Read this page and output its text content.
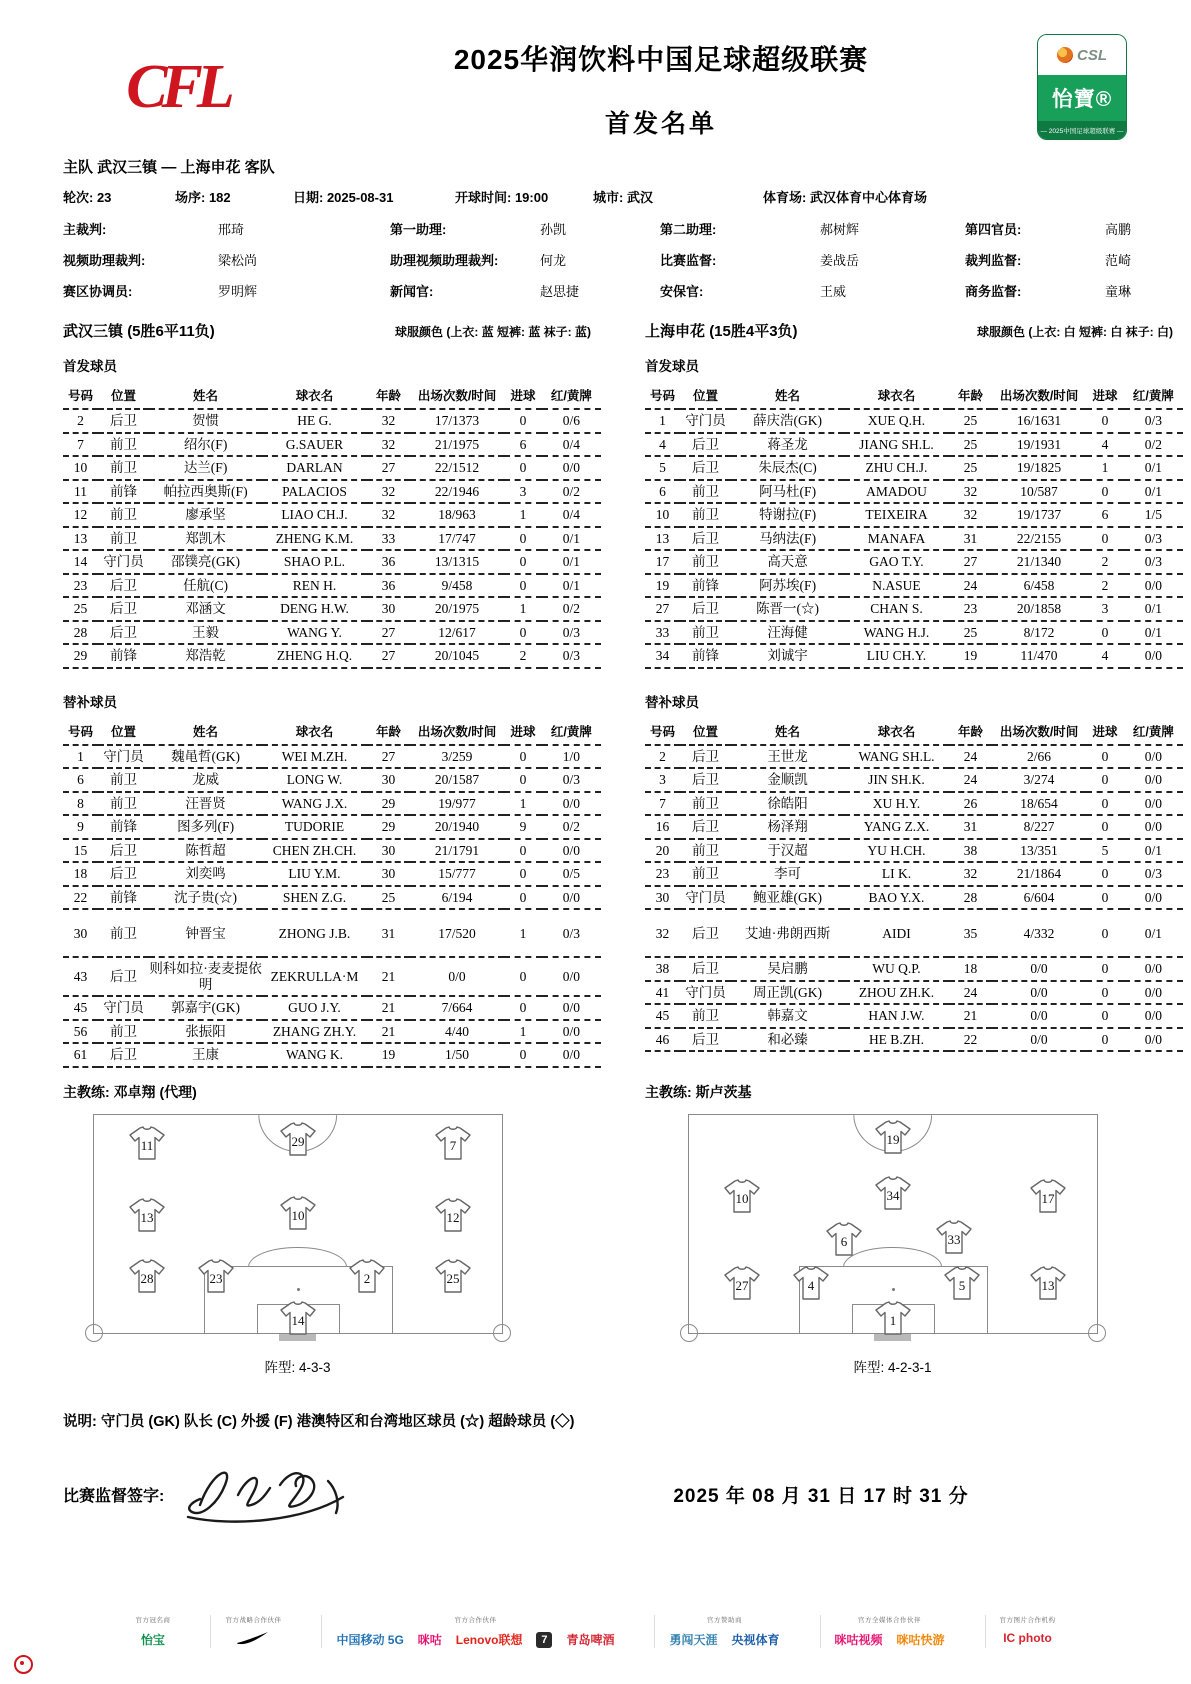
CFL	2025华润饮料中国足球超级联赛
首发名单
CSL
怡寶®
— 2025中国足球超级联赛 —
主队 武汉三镇 — 上海申花 客队
轮次: 23	场序: 182	日期: 2025-08-31	开球时间: 19:00	城市: 武汉	体育场: 武汉体育中心体育场
主裁判:	邢琦	第一助理:	孙凯	第二助理:	郝树辉	第四官员:	高鹏
视频助理裁判:	梁松尚	助理视频助理裁判:	何龙	比赛监督:	姜战岳	裁判监督:	范崎
赛区协调员:	罗明辉	新闻官:	赵思捷	安保官:	王威	商务监督:	童琳
武汉三镇 (5胜6平11负)	球服颜色 (上衣: 蓝 短裤: 蓝 袜子: 蓝)	上海申花 (15胜4平3负)	球服颜色 (上衣: 白 短裤: 白 袜子: 白)
首发球员
号码	位置	姓名	球衣名	年龄	出场次数/时间	进球	红/黄牌
2	后卫	贺惯	HE G.	32	17/1373	0	0/6
7	前卫	绍尔(F)	G.SAUER	32	21/1975	6	0/4
10	前卫	达兰(F)	DARLAN	27	22/1512	0	0/0
11	前锋	帕拉西奥斯(F)	PALACIOS	32	22/1946	3	0/2
12	前卫	廖承坚	LIAO CH.J.	32	18/963	1	0/4
13	前卫	郑凯木	ZHENG K.M.	33	17/747	0	0/1
14	守门员	邵镤亮(GK)	SHAO P.L.	36	13/1315	0	0/1
23	后卫	任航(C)	REN H.	36	9/458	0	0/1
25	后卫	邓涵文	DENG H.W.	30	20/1975	1	0/2
28	后卫	王毅	WANG Y.	27	12/617	0	0/3
29	前锋	郑浩乾	ZHENG H.Q.	27	20/1045	2	0/3
替补球员
号码	位置	姓名	球衣名	年龄	出场次数/时间	进球	红/黄牌
1	守门员	魏黾哲(GK)	WEI M.ZH.	27	3/259	0	1/0
6	前卫	龙威	LONG W.	30	20/1587	0	0/3
8	前卫	汪晋贤	WANG J.X.	29	19/977	1	0/0
9	前锋	图多列(F)	TUDORIE	29	20/1940	9	0/2
15	后卫	陈哲超	CHEN ZH.CH.	30	21/1791	0	0/0
18	后卫	刘奕鸣	LIU Y.M.	30	15/777	0	0/5
22	前锋	沈子贵(☆)	SHEN Z.G.	25	6/194	0	0/0
30	前卫	钟晋宝	ZHONG J.B.	31	17/520	1	0/3
43	后卫	则科如拉·麦麦提依明	ZEKRULLA·M	21	0/0	0	0/0
45	守门员	郭嘉宇(GK)	GUO J.Y.	21	7/664	0	0/0
56	前卫	张振阳	ZHANG ZH.Y.	21	4/40	1	0/0
61	后卫	王康	WANG K.	19	1/50	0	0/0
首发球员
号码	位置	姓名	球衣名	年龄	出场次数/时间	进球	红/黄牌
1	守门员	薛庆浩(GK)	XUE Q.H.	25	16/1631	0	0/3
4	后卫	蒋圣龙	JIANG SH.L.	25	19/1931	4	0/2
5	后卫	朱辰杰(C)	ZHU CH.J.	25	19/1825	1	0/1
6	前卫	阿马杜(F)	AMADOU	32	10/587	0	0/1
10	前卫	特谢拉(F)	TEIXEIRA	32	19/1737	6	1/5
13	后卫	马纳法(F)	MANAFA	31	22/2155	0	0/3
17	前卫	高天意	GAO T.Y.	27	21/1340	2	0/3
19	前锋	阿苏埃(F)	N.ASUE	24	6/458	2	0/0
27	后卫	陈晋一(☆)	CHAN S.	23	20/1858	3	0/1
33	前卫	汪海健	WANG H.J.	25	8/172	0	0/1
34	前锋	刘诚宇	LIU CH.Y.	19	11/470	4	0/0
替补球员
号码	位置	姓名	球衣名	年龄	出场次数/时间	进球	红/黄牌
2	后卫	王世龙	WANG SH.L.	24	2/66	0	0/0
3	后卫	金顺凯	JIN SH.K.	24	3/274	0	0/0
7	前卫	徐皓阳	XU H.Y.	26	18/654	0	0/0
16	后卫	杨泽翔	YANG Z.X.	31	8/227	0	0/0
20	前卫	于汉超	YU H.CH.	38	13/351	5	0/1
23	前卫	李可	LI K.	32	21/1864	0	0/3
30	守门员	鲍亚雄(GK)	BAO Y.X.	28	6/604	0	0/0
32	后卫	艾迪·弗朗西斯	AIDI	35	4/332	0	0/1
38	后卫	吴启鹏	WU Q.P.	18	0/0	0	0/0
41	守门员	周正凯(GK)	ZHOU ZH.K.	24	0/0	0	0/0
45	前卫	韩嘉文	HAN J.W.	21	0/0	0	0/0
46	后卫	和必臻	HE B.ZH.	22	0/0	0	0/0
主教练: 邓卓翔 (代理)	主教练: 斯卢茨基
11	29	7
13	10	12
28	23	2	25
14
19
10	34	17
6	33
27	4	5	13
1
阵型: 4-3-3	阵型: 4-2-3-1
说明: 守门员 (GK) 队长 (C) 外援 (F) 港澳特区和台湾地区球员 (☆) 超龄球员 (◇)
比赛监督签字:	2025 年 08 月 31 日 17 时 31 分
官方冠名商
怡宝
官方战略合作伙伴	官方合作伙伴
中国移动 5G 咪咕 Lenovo联想	7	青岛啤酒
官方赞助商
勇闯天涯 央视体育
官方全媒体合作伙伴
咪咕视频 咪咕快游
官方图片合作机构
IC photo
